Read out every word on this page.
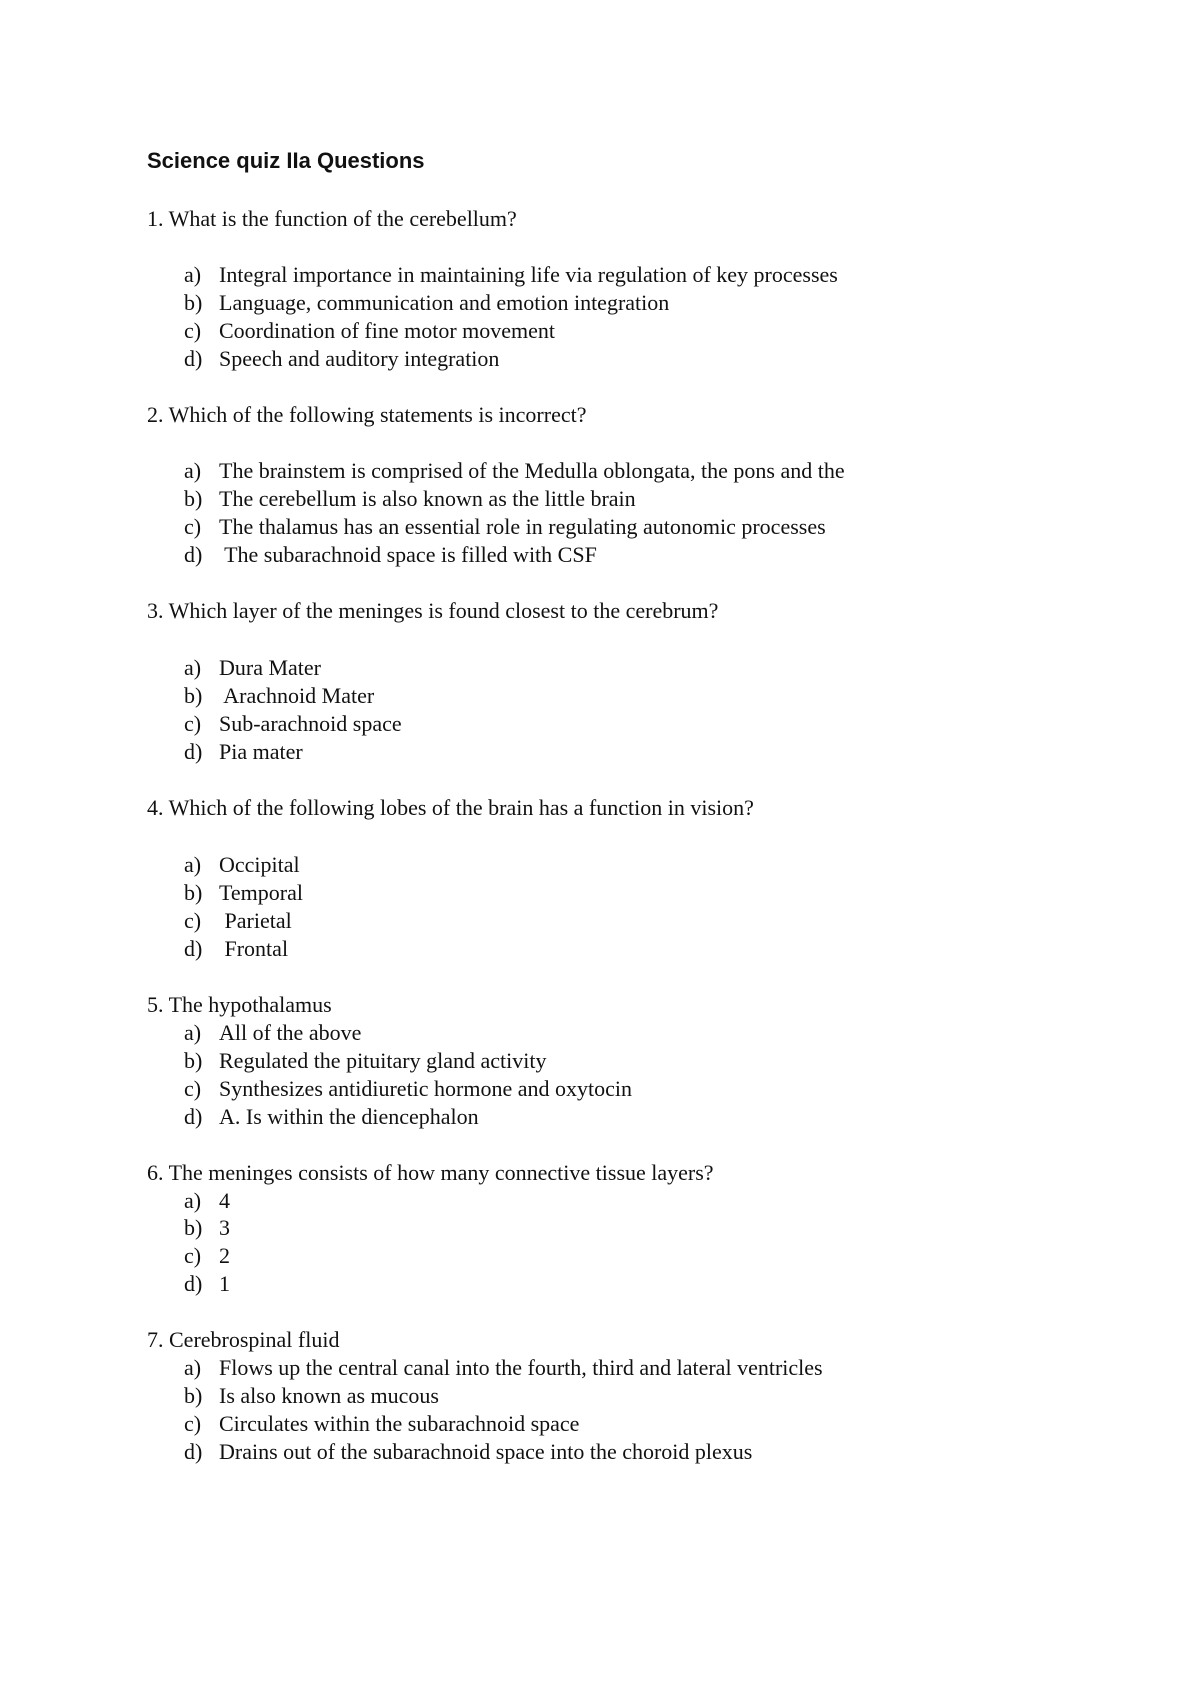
Science quiz IIa Questions
1. What is the function of the cerebellum?
a) Integral importance in maintaining life via regulation of key processes
b) Language, communication and emotion integration
c) Coordination of fine motor movement
d) Speech and auditory integration
2. Which of the following statements is incorrect?
a) The brainstem is comprised of the Medulla oblongata, the pons and the
b) The cerebellum is also known as the little brain
c) The thalamus has an essential role in regulating autonomic processes
d) The subarachnoid space is filled with CSF
3. Which layer of the meninges is found closest to the cerebrum?
a) Dura Mater
b) Arachnoid Mater
c) Sub-arachnoid space
d) Pia mater
4. Which of the following lobes of the brain has a function in vision?
a) Occipital
b) Temporal
c) Parietal
d) Frontal
5. The hypothalamus
a) All of the above
b) Regulated the pituitary gland activity
c) Synthesizes antidiuretic hormone and oxytocin
d) A. Is within the diencephalon
6. The meninges consists of how many connective tissue layers?
a) 4
b) 3
c) 2
d) 1
7. Cerebrospinal fluid
a) Flows up the central canal into the fourth, third and lateral ventricles
b) Is also known as mucous
c) Circulates within the subarachnoid space
d) Drains out of the subarachnoid space into the choroid plexus
